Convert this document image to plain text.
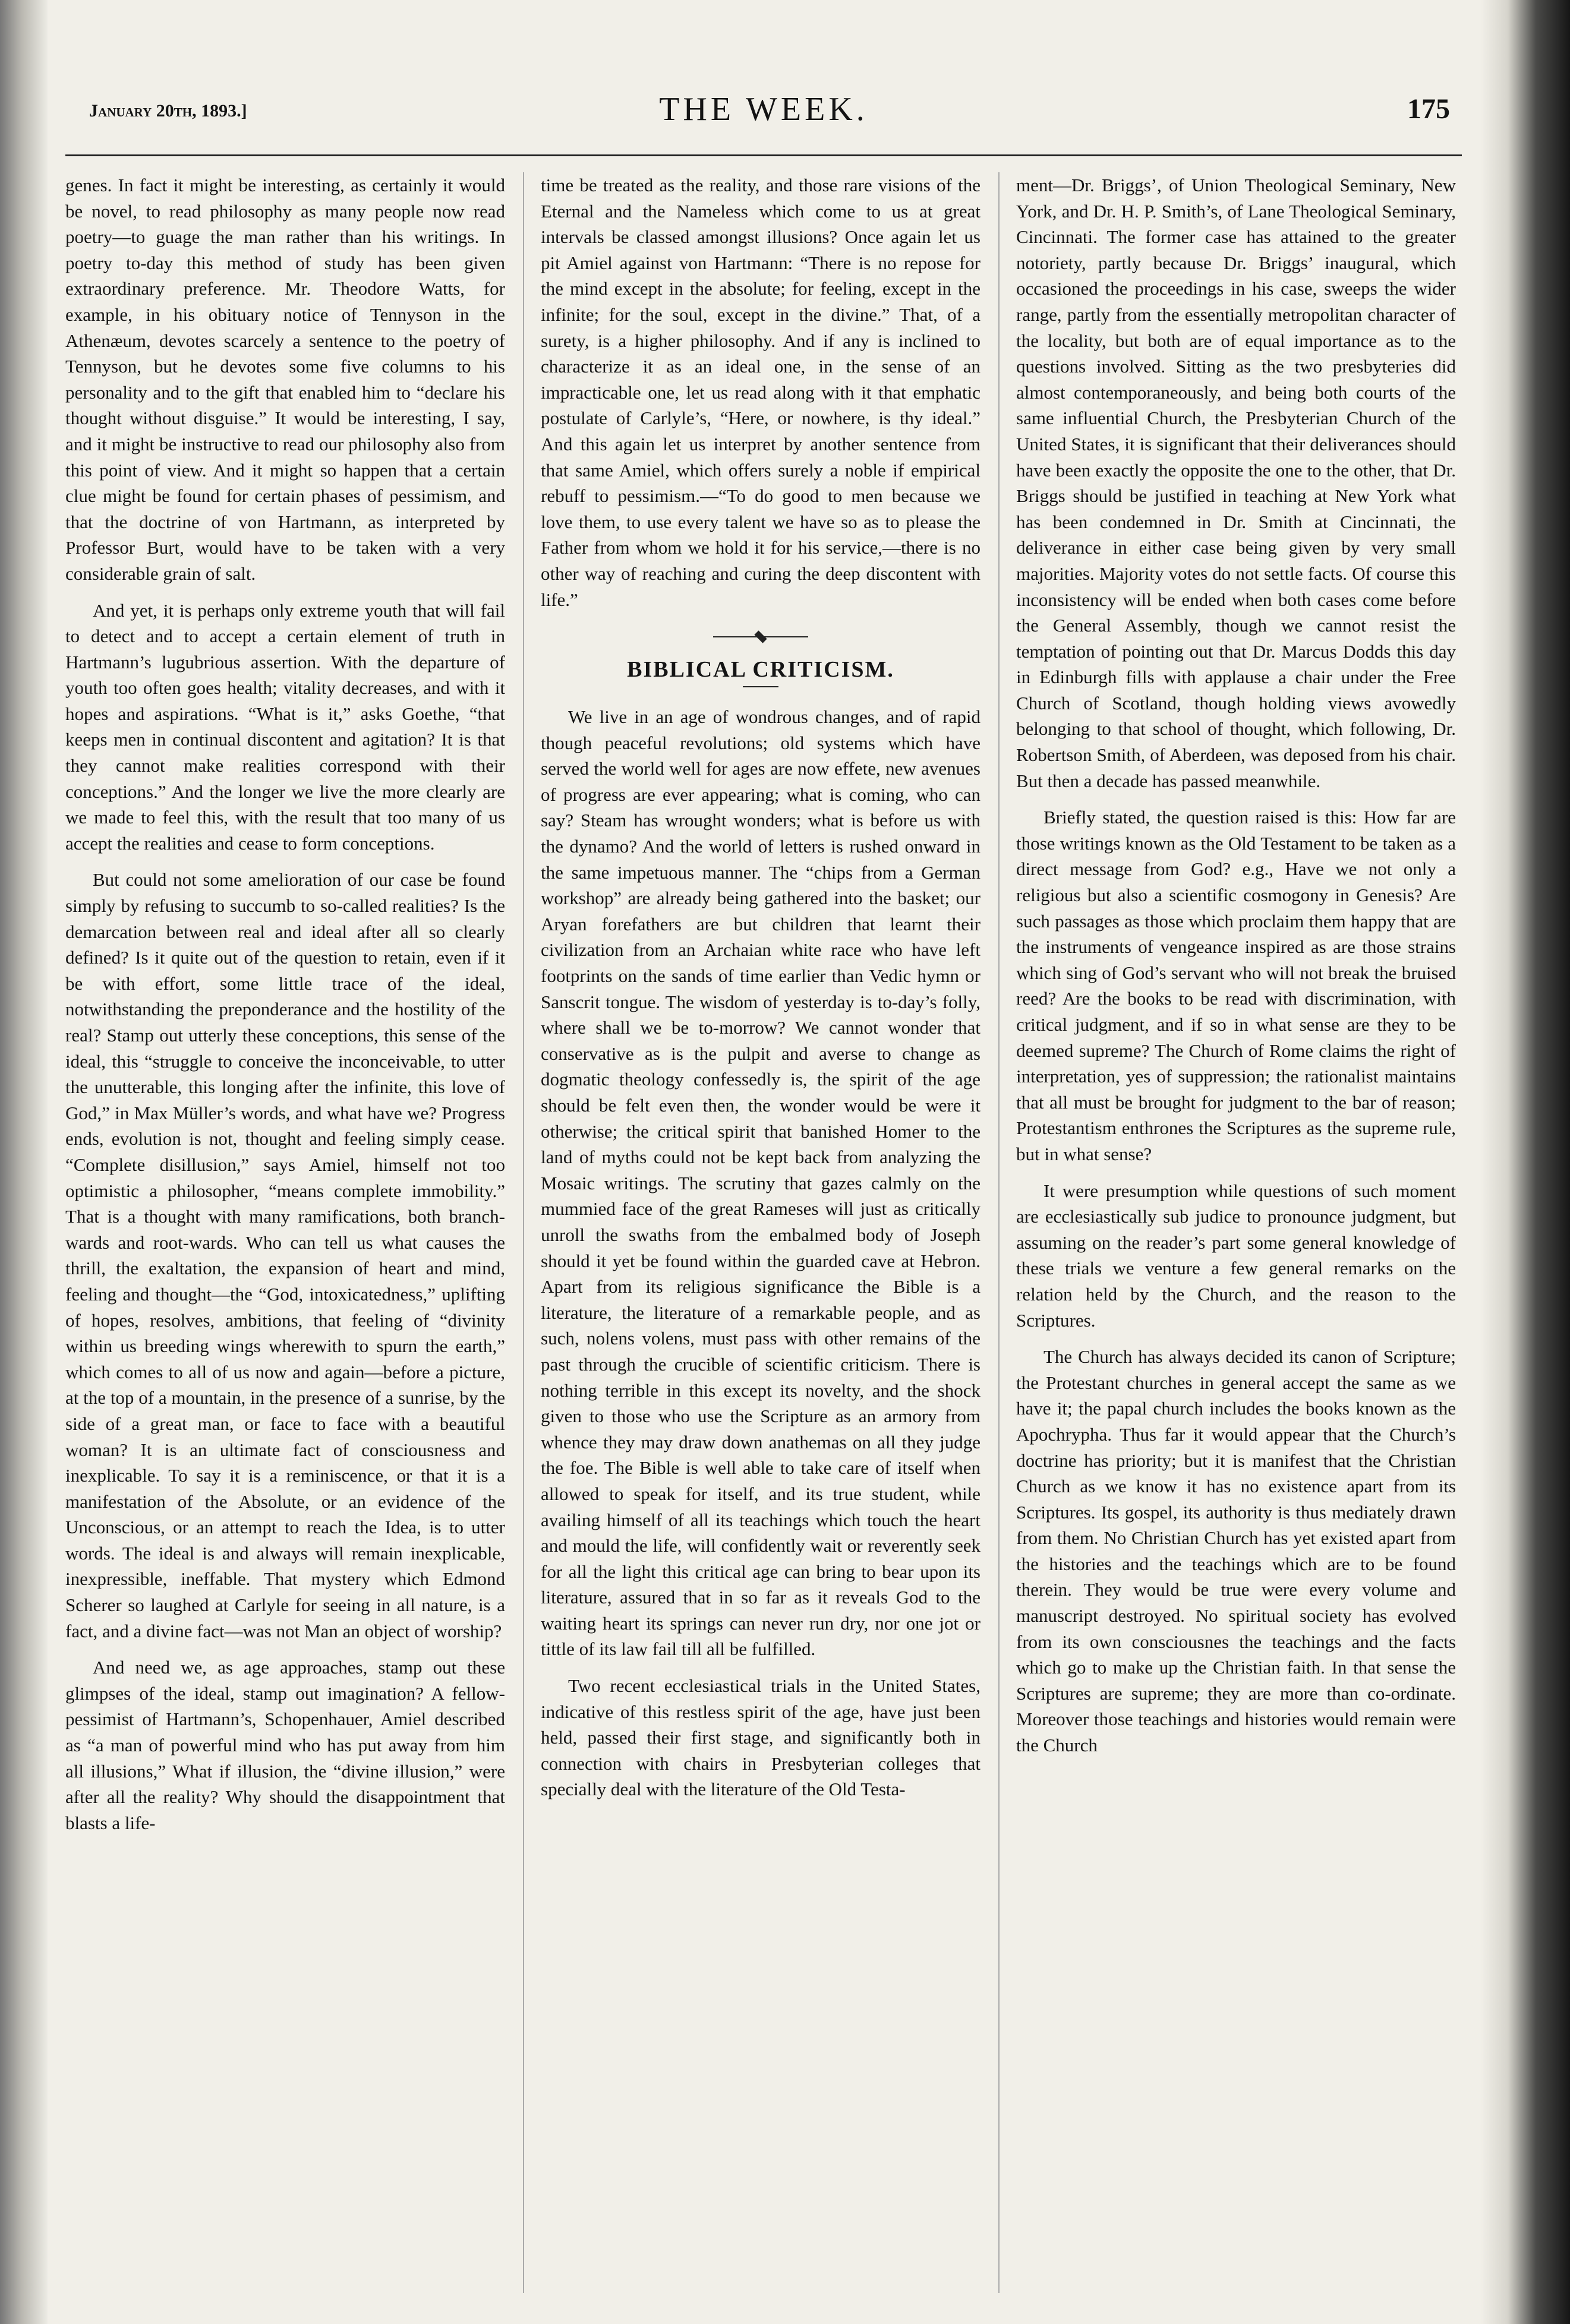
January 20th, 1893.]	THE WEEK.	175

genes. In fact it might be interesting, as certainly it would be novel, to read philosophy as many people now read poetry—to guage the man rather than his writings. In poetry to-day this method of study has been given extraordinary preference. Mr. Theodore Watts, for example, in his obituary notice of Tennyson in the Athenæum, devotes scarcely a sentence to the poetry of Tennyson, but he devotes some five columns to his personality and to the gift that enabled him to “declare his thought without disguise.” It would be interesting, I say, and it might be instructive to read our philosophy also from this point of view. And it might so happen that a certain clue might be found for certain phases of pessimism, and that the doctrine of von Hartmann, as interpreted by Professor Burt, would have to be taken with a very considerable grain of salt.

And yet, it is perhaps only extreme youth that will fail to detect and to accept a certain element of truth in Hartmann’s lugubrious assertion. With the departure of youth too often goes health; vitality decreases, and with it hopes and aspirations. “What is it,” asks Goethe, “that keeps men in continual discontent and agitation? It is that they cannot make realities correspond with their conceptions.” And the longer we live the more clearly are we made to feel this, with the result that too many of us accept the realities and cease to form conceptions.

But could not some amelioration of our case be found simply by refusing to succumb to so-called realities? Is the demarcation between real and ideal after all so clearly defined? Is it quite out of the question to retain, even if it be with effort, some little trace of the ideal, notwithstanding the preponderance and the hostility of the real? Stamp out utterly these conceptions, this sense of the ideal, this “struggle to conceive the inconceivable, to utter the unutterable, this longing after the infinite, this love of God,” in Max Müller’s words, and what have we? Progress ends, evolution is not, thought and feeling simply cease. “Complete disillusion,” says Amiel, himself not too optimistic a philosopher, “means complete immobility.” That is a thought with many ramifications, both branch-wards and root-wards. Who can tell us what causes the thrill, the exaltation, the expansion of heart and mind, feeling and thought—the “God, intoxicatedness,” uplifting of hopes, resolves, ambitions, that feeling of “divinity within us breeding wings wherewith to spurn the earth,” which comes to all of us now and again—before a picture, at the top of a mountain, in the presence of a sunrise, by the side of a great man, or face to face with a beautiful woman? It is an ultimate fact of consciousness and inexplicable. To say it is a reminiscence, or that it is a manifestation of the Absolute, or an evidence of the Unconscious, or an attempt to reach the Idea, is to utter words. The ideal is and always will remain inexplicable, inexpressible, ineffable. That mystery which Edmond Scherer so laughed at Carlyle for seeing in all nature, is a fact, and a divine fact—was not Man an object of worship?

And need we, as age approaches, stamp out these glimpses of the ideal, stamp out imagination? A fellow-pessimist of Hartmann’s, Schopenhauer, Amiel described as “a man of powerful mind who has put away from him all illusions,” What if illusion, the “divine illusion,” were after all the reality? Why should the disappointment that blasts a life-

time be treated as the reality, and those rare visions of the Eternal and the Nameless which come to us at great intervals be classed amongst illusions? Once again let us pit Amiel against von Hartmann: “There is no repose for the mind except in the absolute; for feeling, except in the infinite; for the soul, except in the divine.” That, of a surety, is a higher philosophy. And if any is inclined to characterize it as an ideal one, in the sense of an impracticable one, let us read along with it that emphatic postulate of Carlyle’s, “Here, or nowhere, is thy ideal.” And this again let us interpret by another sentence from that same Amiel, which offers surely a noble if empirical rebuff to pessimism.—“To do good to men because we love them, to use every talent we have so as to please the Father from whom we hold it for his service,—there is no other way of reaching and curing the deep discontent with life.”

BIBLICAL CRITICISM.

We live in an age of wondrous changes, and of rapid though peaceful revolutions; old systems which have served the world well for ages are now effete, new avenues of progress are ever appearing; what is coming, who can say? Steam has wrought wonders; what is before us with the dynamo? And the world of letters is rushed onward in the same impetuous manner. The “chips from a German workshop” are already being gathered into the basket; our Aryan forefathers are but children that learnt their civilization from an Archaian white race who have left footprints on the sands of time earlier than Vedic hymn or Sanscrit tongue. The wisdom of yesterday is to-day’s folly, where shall we be to-morrow? We cannot wonder that conservative as is the pulpit and averse to change as dogmatic theology confessedly is, the spirit of the age should be felt even then, the wonder would be were it otherwise; the critical spirit that banished Homer to the land of myths could not be kept back from analyzing the Mosaic writings. The scrutiny that gazes calmly on the mummied face of the great Rameses will just as critically unroll the swaths from the embalmed body of Joseph should it yet be found within the guarded cave at Hebron. Apart from its religious significance the Bible is a literature, the literature of a remarkable people, and as such, nolens volens, must pass with other remains of the past through the crucible of scientific criticism. There is nothing terrible in this except its novelty, and the shock given to those who use the Scripture as an armory from whence they may draw down anathemas on all they judge the foe. The Bible is well able to take care of itself when allowed to speak for itself, and its true student, while availing himself of all its teachings which touch the heart and mould the life, will confidently wait or reverently seek for all the light this critical age can bring to bear upon its literature, assured that in so far as it reveals God to the waiting heart its springs can never run dry, nor one jot or tittle of its law fail till all be fulfilled.

Two recent ecclesiastical trials in the United States, indicative of this restless spirit of the age, have just been held, passed their first stage, and significantly both in connection with chairs in Presbyterian colleges that specially deal with the literature of the Old Testa-

ment—Dr. Briggs’, of Union Theological Seminary, New York, and Dr. H. P. Smith’s, of Lane Theological Seminary, Cincinnati. The former case has attained to the greater notoriety, partly because Dr. Briggs’ inaugural, which occasioned the proceedings in his case, sweeps the wider range, partly from the essentially metropolitan character of the locality, but both are of equal importance as to the questions involved. Sitting as the two presbyteries did almost contemporaneously, and being both courts of the same influential Church, the Presbyterian Church of the United States, it is significant that their deliverances should have been exactly the opposite the one to the other, that Dr. Briggs should be justified in teaching at New York what has been condemned in Dr. Smith at Cincinnati, the deliverance in either case being given by very small majorities. Majority votes do not settle facts. Of course this inconsistency will be ended when both cases come before the General Assembly, though we cannot resist the temptation of pointing out that Dr. Marcus Dodds this day in Edinburgh fills with applause a chair under the Free Church of Scotland, though holding views avowedly belonging to that school of thought, which following, Dr. Robertson Smith, of Aberdeen, was deposed from his chair. But then a decade has passed meanwhile.

Briefly stated, the question raised is this: How far are those writings known as the Old Testament to be taken as a direct message from God? e.g., Have we not only a religious but also a scientific cosmogony in Genesis? Are such passages as those which proclaim them happy that are the instruments of vengeance inspired as are those strains which sing of God’s servant who will not break the bruised reed? Are the books to be read with discrimination, with critical judgment, and if so in what sense are they to be deemed supreme? The Church of Rome claims the right of interpretation, yes of suppression; the rationalist maintains that all must be brought for judgment to the bar of reason; Protestantism enthrones the Scriptures as the supreme rule, but in what sense?

It were presumption while questions of such moment are ecclesiastically sub judice to pronounce judgment, but assuming on the reader’s part some general knowledge of these trials we venture a few general remarks on the relation held by the Church, and the reason to the Scriptures.

The Church has always decided its canon of Scripture; the Protestant churches in general accept the same as we have it; the papal church includes the books known as the Apochrypha. Thus far it would appear that the Church’s doctrine has priority; but it is manifest that the Christian Church as we know it has no existence apart from its Scriptures. Its gospel, its authority is thus mediately drawn from them. No Christian Church has yet existed apart from the histories and the teachings which are to be found therein. They would be true were every volume and manuscript destroyed. No spiritual society has evolved from its own consciousnes the teachings and the facts which go to make up the Christian faith. In that sense the Scriptures are supreme; they are more than co-ordinate. Moreover those teachings and histories would remain were the Church
